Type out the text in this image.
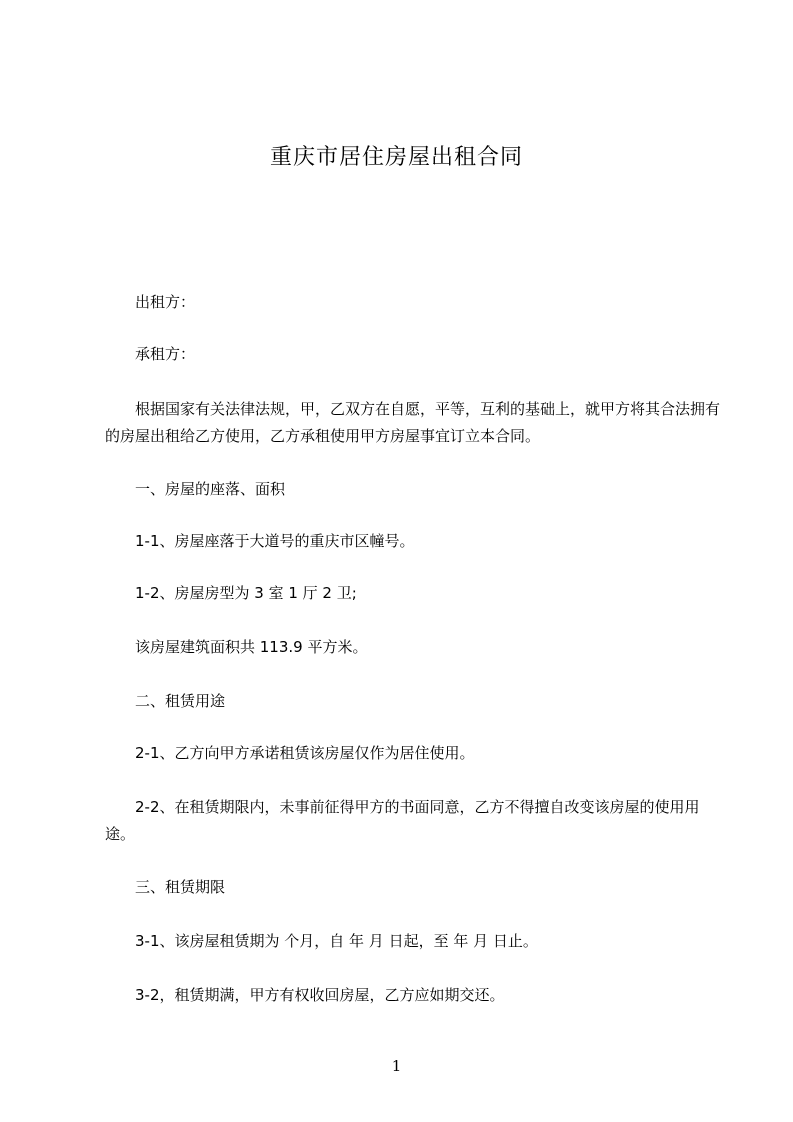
重庆市居住房屋出租合同
出租方：
承租方：
根据国家有关法律法规，甲，乙双方在自愿，平等，互利的基础上，就甲方将其合法拥有的房屋出租给乙方使用，乙方承租使用甲方房屋事宜订立本合同。
一、房屋的座落、面积
1-1、房屋座落于大道号的重庆市区幢号。
1-2、房屋房型为 3 室 1 厅 2 卫;
该房屋建筑面积共 113.9 平方米。
二、租赁用途
2-1、乙方向甲方承诺租赁该房屋仅作为居住使用。
2-2、在租赁期限内，未事前征得甲方的书面同意，乙方不得擅自改变该房屋的使用用途。
三、租赁期限
3-1、该房屋租赁期为 个月，自 年 月 日起，至 年 月 日止。
3-2，租赁期满，甲方有权收回房屋，乙方应如期交还。
1
